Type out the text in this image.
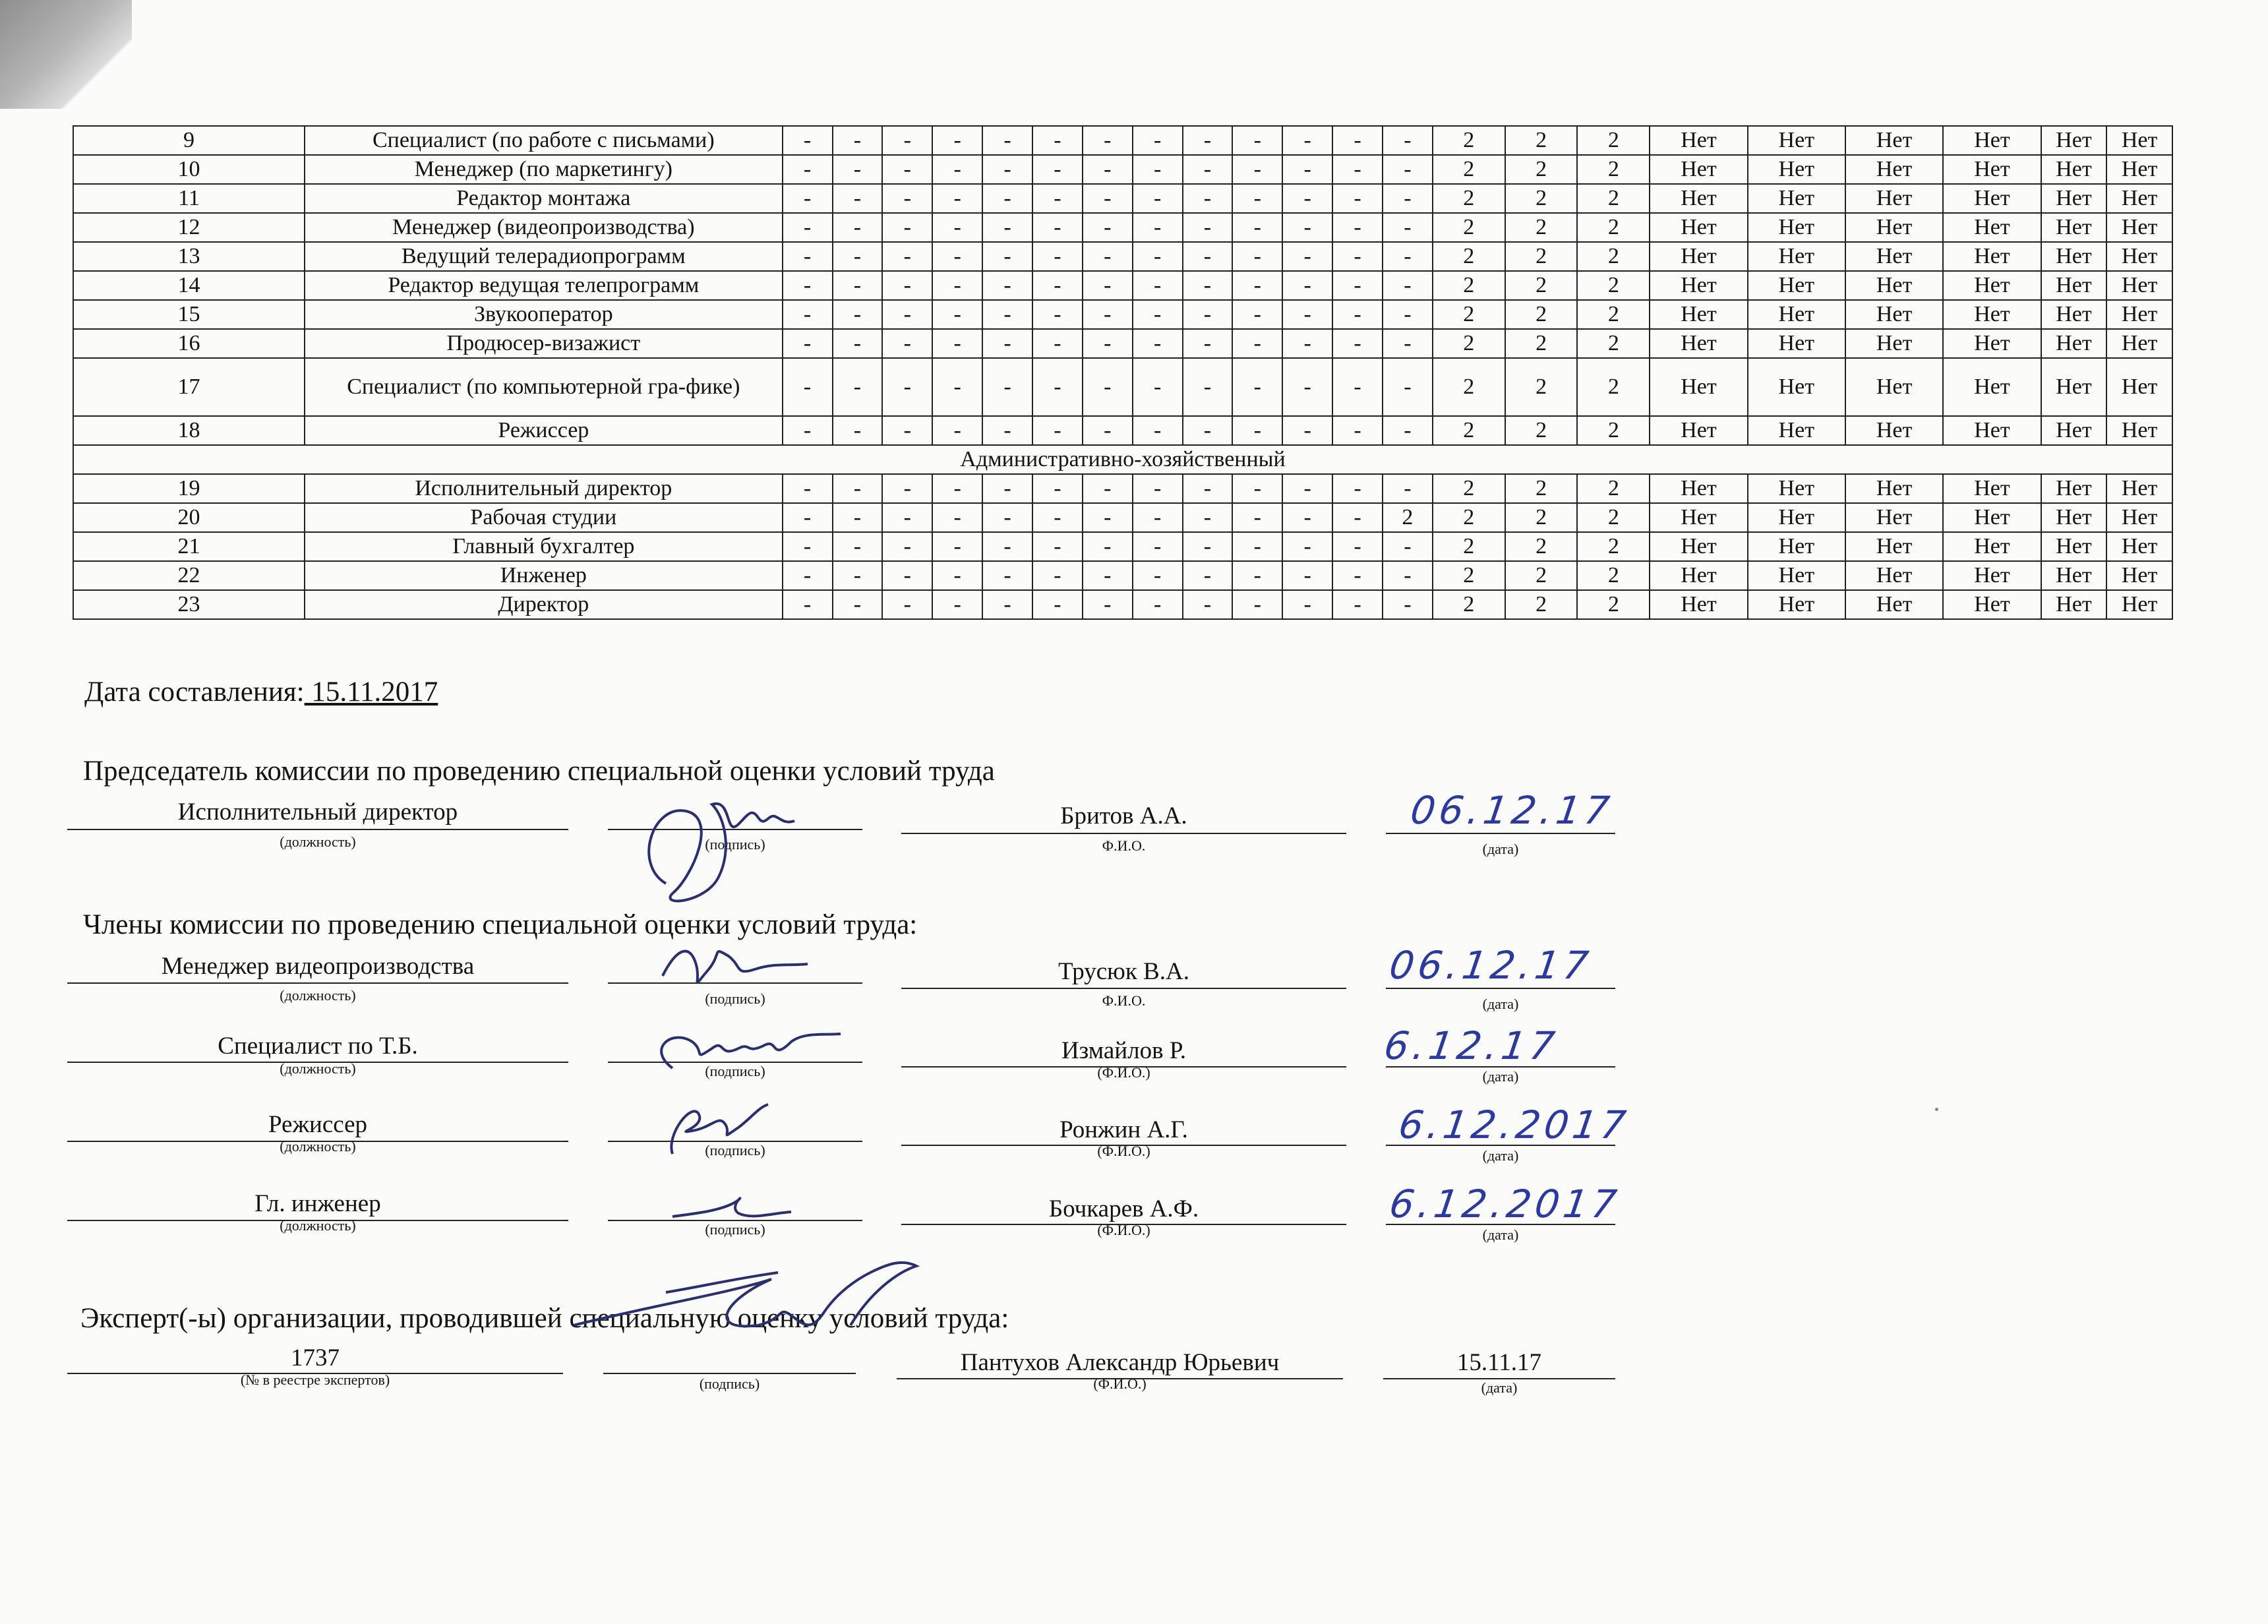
9	Специалист (по работе с письмами)	-	-	-	-	-	-	-	-	-	-	-	-	-	2	2	2	Нет	Нет	Нет	Нет	Нет	Нет
10	Менеджер (по маркетингу)	-	-	-	-	-	-	-	-	-	-	-	-	-	2	2	2	Нет	Нет	Нет	Нет	Нет	Нет
11	Редактор монтажа	-	-	-	-	-	-	-	-	-	-	-	-	-	2	2	2	Нет	Нет	Нет	Нет	Нет	Нет
12	Менеджер (видеопроизводства)	-	-	-	-	-	-	-	-	-	-	-	-	-	2	2	2	Нет	Нет	Нет	Нет	Нет	Нет
13	Ведущий телерадиопрограмм	-	-	-	-	-	-	-	-	-	-	-	-	-	2	2	2	Нет	Нет	Нет	Нет	Нет	Нет
14	Редактор ведущая телепрограмм	-	-	-	-	-	-	-	-	-	-	-	-	-	2	2	2	Нет	Нет	Нет	Нет	Нет	Нет
15	Звукооператор	-	-	-	-	-	-	-	-	-	-	-	-	-	2	2	2	Нет	Нет	Нет	Нет	Нет	Нет
16	Продюсер-визажист	-	-	-	-	-	-	-	-	-	-	-	-	-	2	2	2	Нет	Нет	Нет	Нет	Нет	Нет
17	Специалист (по компьютерной гра-фике)	-	-	-	-	-	-	-	-	-	-	-	-	-	2	2	2	Нет	Нет	Нет	Нет	Нет	Нет
18	Режиссер	-	-	-	-	-	-	-	-	-	-	-	-	-	2	2	2	Нет	Нет	Нет	Нет	Нет	Нет
Административно-хозяйственный																							
19	Исполнительный директор	-	-	-	-	-	-	-	-	-	-	-	-	-	2	2	2	Нет	Нет	Нет	Нет	Нет	Нет
20	Рабочая студии	-	-	-	-	-	-	-	-	-	-	-	-	2	2	2	2	Нет	Нет	Нет	Нет	Нет	Нет
21	Главный бухгалтер	-	-	-	-	-	-	-	-	-	-	-	-	-	2	2	2	Нет	Нет	Нет	Нет	Нет	Нет
22	Инженер	-	-	-	-	-	-	-	-	-	-	-	-	-	2	2	2	Нет	Нет	Нет	Нет	Нет	Нет
23	Директор	-	-	-	-	-	-	-	-	-	-	-	-	-	2	2	2	Нет	Нет	Нет	Нет	Нет	Нет
Дата составления: 15.11.2017
Председатель комиссии по проведению специальной оценки условий труда
Исполнительный директор
(должность)	(подпись)
Бритов А.А.
Ф.И.О.
06.12.17
(дата)
Члены комиссии по проведению специальной оценки условий труда:
Менеджер видеопроизводства
(должность)	(подпись)
Трусюк В.А.
Ф.И.О.
06.12.17
(дата)
Специалист по Т.Б.
(должность)	(подпись)
Измайлов Р.
(Ф.И.О.)
6.12.17
(дата)
Режиссер
(должность)	(подпись)
Ронжин А.Г.
(Ф.И.О.)
6.12.2017
(дата)
Гл. инженер
(должность)	(подпись)
Бочкарев А.Ф.
(Ф.И.О.)
6.12.2017
(дата)
Эксперт(-ы) организации, проводившей специальную оценку условий труда:
1737
(№ в реестре экспертов)	(подпись)
Пантухов Александр Юрьевич
(Ф.И.О.)
15.11.17
(дата)
